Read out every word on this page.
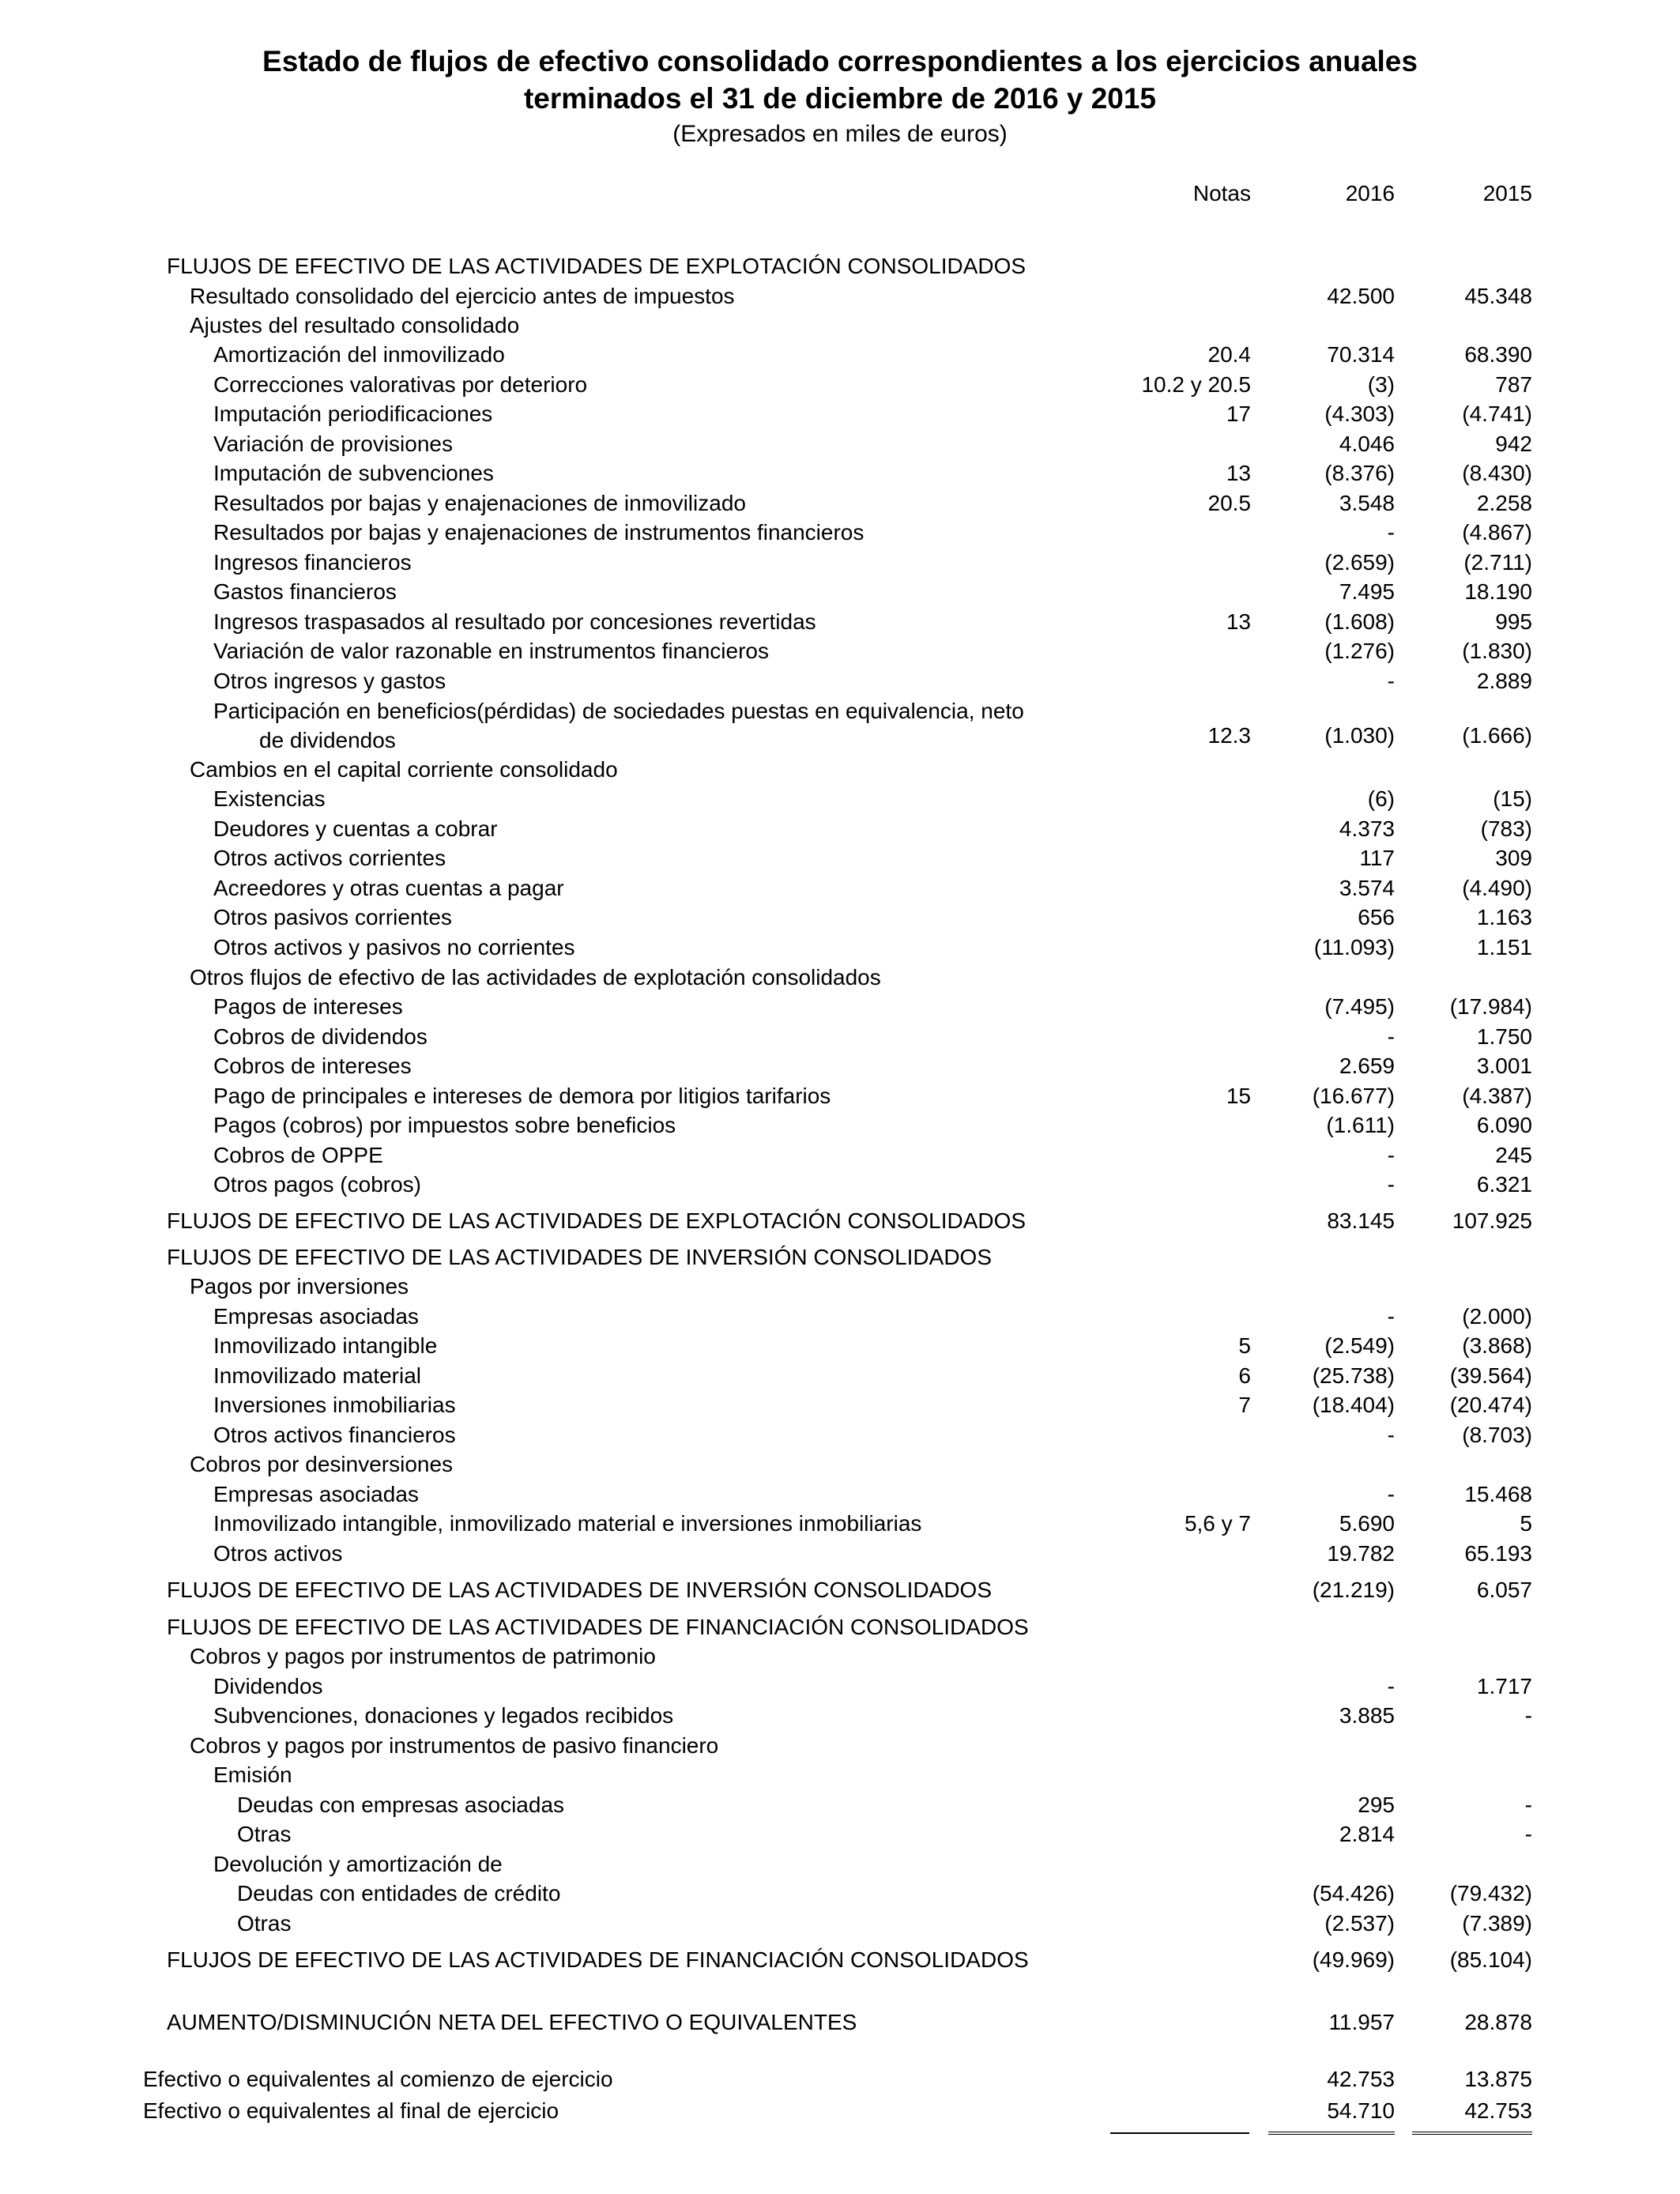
Estado de flujos de efectivo consolidado correspondientes a los ejercicios anuales
terminados el 31 de diciembre de 2016 y 2015
(Expresados en miles de euros)
Notas	2016	2015
FLUJOS DE EFECTIVO DE LAS ACTIVIDADES DE EXPLOTACIÓN CONSOLIDADOS
Resultado consolidado del ejercicio antes de impuestos	42.500	45.348
Ajustes del resultado consolidado
Amortización del inmovilizado	20.4	70.314	68.390
Correcciones valorativas por deterioro	10.2 y 20.5	(3)	787
Imputación periodificaciones	17	(4.303)	(4.741)
Variación de provisiones	4.046	942
Imputación de subvenciones	13	(8.376)	(8.430)
Resultados por bajas y enajenaciones de inmovilizado	20.5	3.548	2.258
Resultados por bajas y enajenaciones de instrumentos financieros	-	(4.867)
Ingresos financieros	(2.659)	(2.711)
Gastos financieros	7.495	18.190
Ingresos traspasados al resultado por concesiones revertidas	13	(1.608)	995
Variación de valor razonable en instrumentos financieros	(1.276)	(1.830)
Otros ingresos y gastos	-	2.889
Participación en beneficios(pérdidas) de sociedades puestas en equivalencia, neto
de dividendos	12.3	(1.030)	(1.666)
Cambios en el capital corriente consolidado
Existencias	(6)	(15)
Deudores y cuentas a cobrar	4.373	(783)
Otros activos corrientes	117	309
Acreedores y otras cuentas a pagar	3.574	(4.490)
Otros pasivos corrientes	656	1.163
Otros activos y pasivos no corrientes	(11.093)	1.151
Otros flujos de efectivo de las actividades de explotación consolidados
Pagos de intereses	(7.495)	(17.984)
Cobros de dividendos	-	1.750
Cobros de intereses	2.659	3.001
Pago de principales e intereses de demora por litigios tarifarios	15	(16.677)	(4.387)
Pagos (cobros) por impuestos sobre beneficios	(1.611)	6.090
Cobros de OPPE	-	245
Otros pagos (cobros)	-	6.321
FLUJOS DE EFECTIVO DE LAS ACTIVIDADES DE EXPLOTACIÓN CONSOLIDADOS	83.145	107.925
FLUJOS DE EFECTIVO DE LAS ACTIVIDADES DE INVERSIÓN CONSOLIDADOS
Pagos por inversiones
Empresas asociadas	-	(2.000)
Inmovilizado intangible	5	(2.549)	(3.868)
Inmovilizado material	6	(25.738)	(39.564)
Inversiones inmobiliarias	7	(18.404)	(20.474)
Otros activos financieros	-	(8.703)
Cobros por desinversiones
Empresas asociadas	-	15.468
Inmovilizado intangible, inmovilizado material e inversiones inmobiliarias	5,6 y 7	5.690	5
Otros activos	19.782	65.193
FLUJOS DE EFECTIVO DE LAS ACTIVIDADES DE INVERSIÓN CONSOLIDADOS	(21.219)	6.057
FLUJOS DE EFECTIVO DE LAS ACTIVIDADES DE FINANCIACIÓN CONSOLIDADOS
Cobros y pagos por instrumentos de patrimonio
Dividendos	-	1.717
Subvenciones, donaciones y legados recibidos	3.885	-
Cobros y pagos por instrumentos de pasivo financiero
Emisión
Deudas con empresas asociadas	295	-
Otras	2.814	-
Devolución y amortización de
Deudas con entidades de crédito	(54.426)	(79.432)
Otras	(2.537)	(7.389)
FLUJOS DE EFECTIVO DE LAS ACTIVIDADES DE FINANCIACIÓN CONSOLIDADOS	(49.969)	(85.104)
AUMENTO/DISMINUCIÓN NETA DEL EFECTIVO O EQUIVALENTES	11.957	28.878
Efectivo o equivalentes al comienzo de ejercicio	42.753	13.875
Efectivo o equivalentes al final de ejercicio	54.710	42.753
